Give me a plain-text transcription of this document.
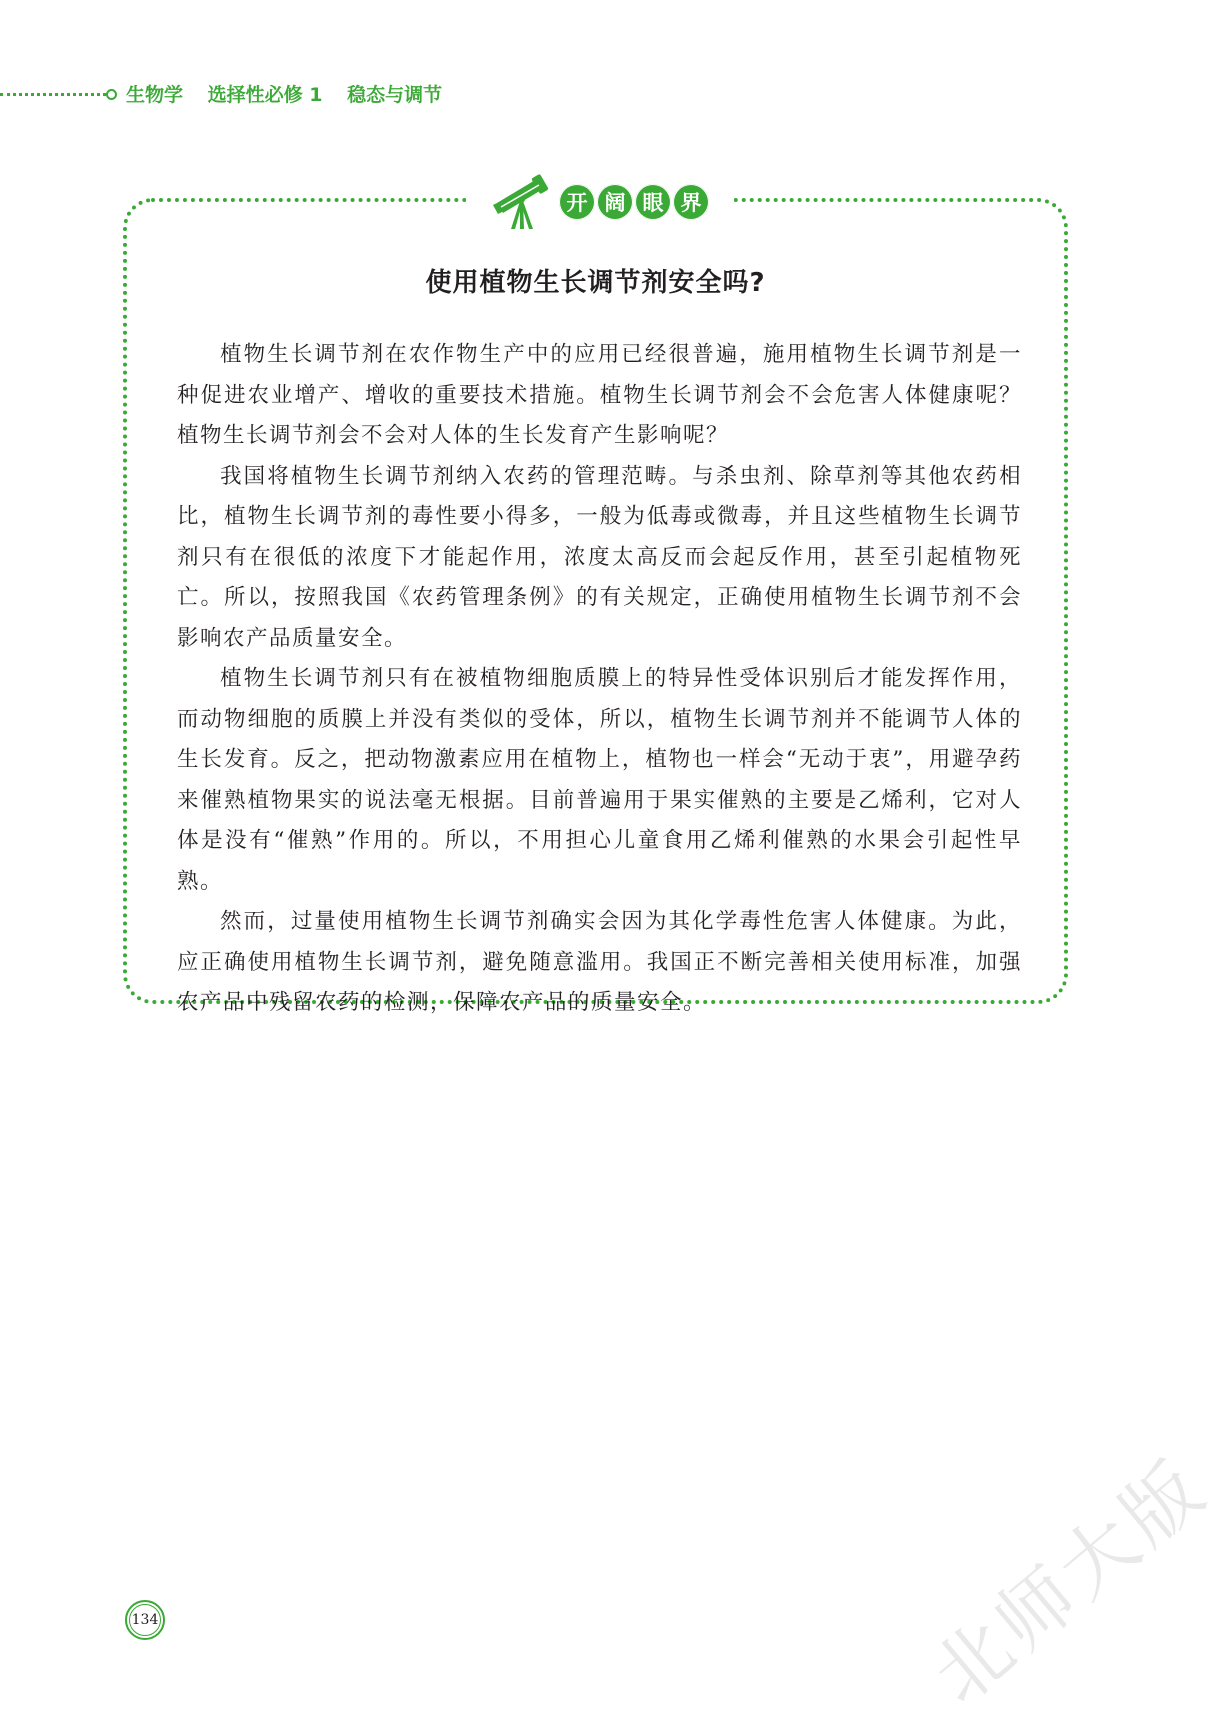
生物学 选择性必修 1 稳态与调节
开 阔 眼 界
使用植物生长调节剂安全吗?

植物生长调节剂在农作物生产中的应用已经很普遍，施用植物生长调节剂是一种促进农业增产、增收的重要技术措施。植物生长调节剂会不会危害人体健康呢？植物生长调节剂会不会对人体的生长发育产生影响呢？

我国将植物生长调节剂纳入农药的管理范畴。与杀虫剂、除草剂等其他农药相比，植物生长调节剂的毒性要小得多，一般为低毒或微毒，并且这些植物生长调节剂只有在很低的浓度下才能起作用，浓度太高反而会起反作用，甚至引起植物死亡。所以，按照我国《农药管理条例》的有关规定，正确使用植物生长调节剂不会影响农产品质量安全。

植物生长调节剂只有在被植物细胞质膜上的特异性受体识别后才能发挥作用，而动物细胞的质膜上并没有类似的受体，所以，植物生长调节剂并不能调节人体的生长发育。反之，把动物激素应用在植物上，植物也一样会“无动于衷”，用避孕药来催熟植物果实的说法毫无根据。目前普遍用于果实催熟的主要是乙烯利，它对人体是没有“催熟”作用的。所以，不用担心儿童食用乙烯利催熟的水果会引起性早熟。

然而，过量使用植物生长调节剂确实会因为其化学毒性危害人体健康。为此，应正确使用植物生长调节剂，避免随意滥用。我国正不断完善相关使用标准，加强农产品中残留农药的检测，保障农产品的质量安全。

134	北师大版
